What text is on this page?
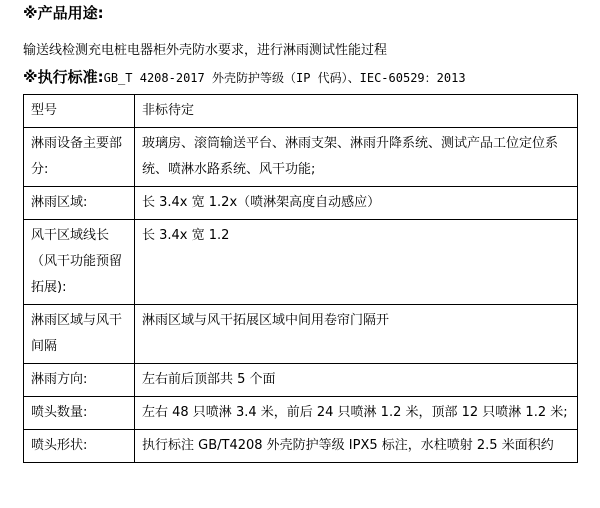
※产品用途:
输送线检测充电桩电器柜外壳防水要求，进行淋雨测试性能过程
※执行标准:GB_T 4208-2017 外壳防护等级（IP 代码）、IEC-60529：2013
型号	非标待定
淋雨设备主要部分:	玻璃房、滚筒输送平台、淋雨支架、淋雨升降系统、测试产品工位定位系统、喷淋水路系统、风干功能;
淋雨区域:	长 3.4x 宽 1.2x（喷淋架高度自动感应）
风干区域线长（风干功能预留拓展):	长 3.4x 宽 1.2
淋雨区域与风干间隔	淋雨区域与风干拓展区域中间用卷帘门隔开
淋雨方向:	左右前后顶部共 5 个面
喷头数量:	左右 48 只喷淋 3.4 米，前后 24 只喷淋 1.2 米，顶部 12 只喷淋 1.2 米;
喷头形状:	执行标注 GB/T4208 外壳防护等级 IPX5 标注，水柱喷射 2.5 米面积约
